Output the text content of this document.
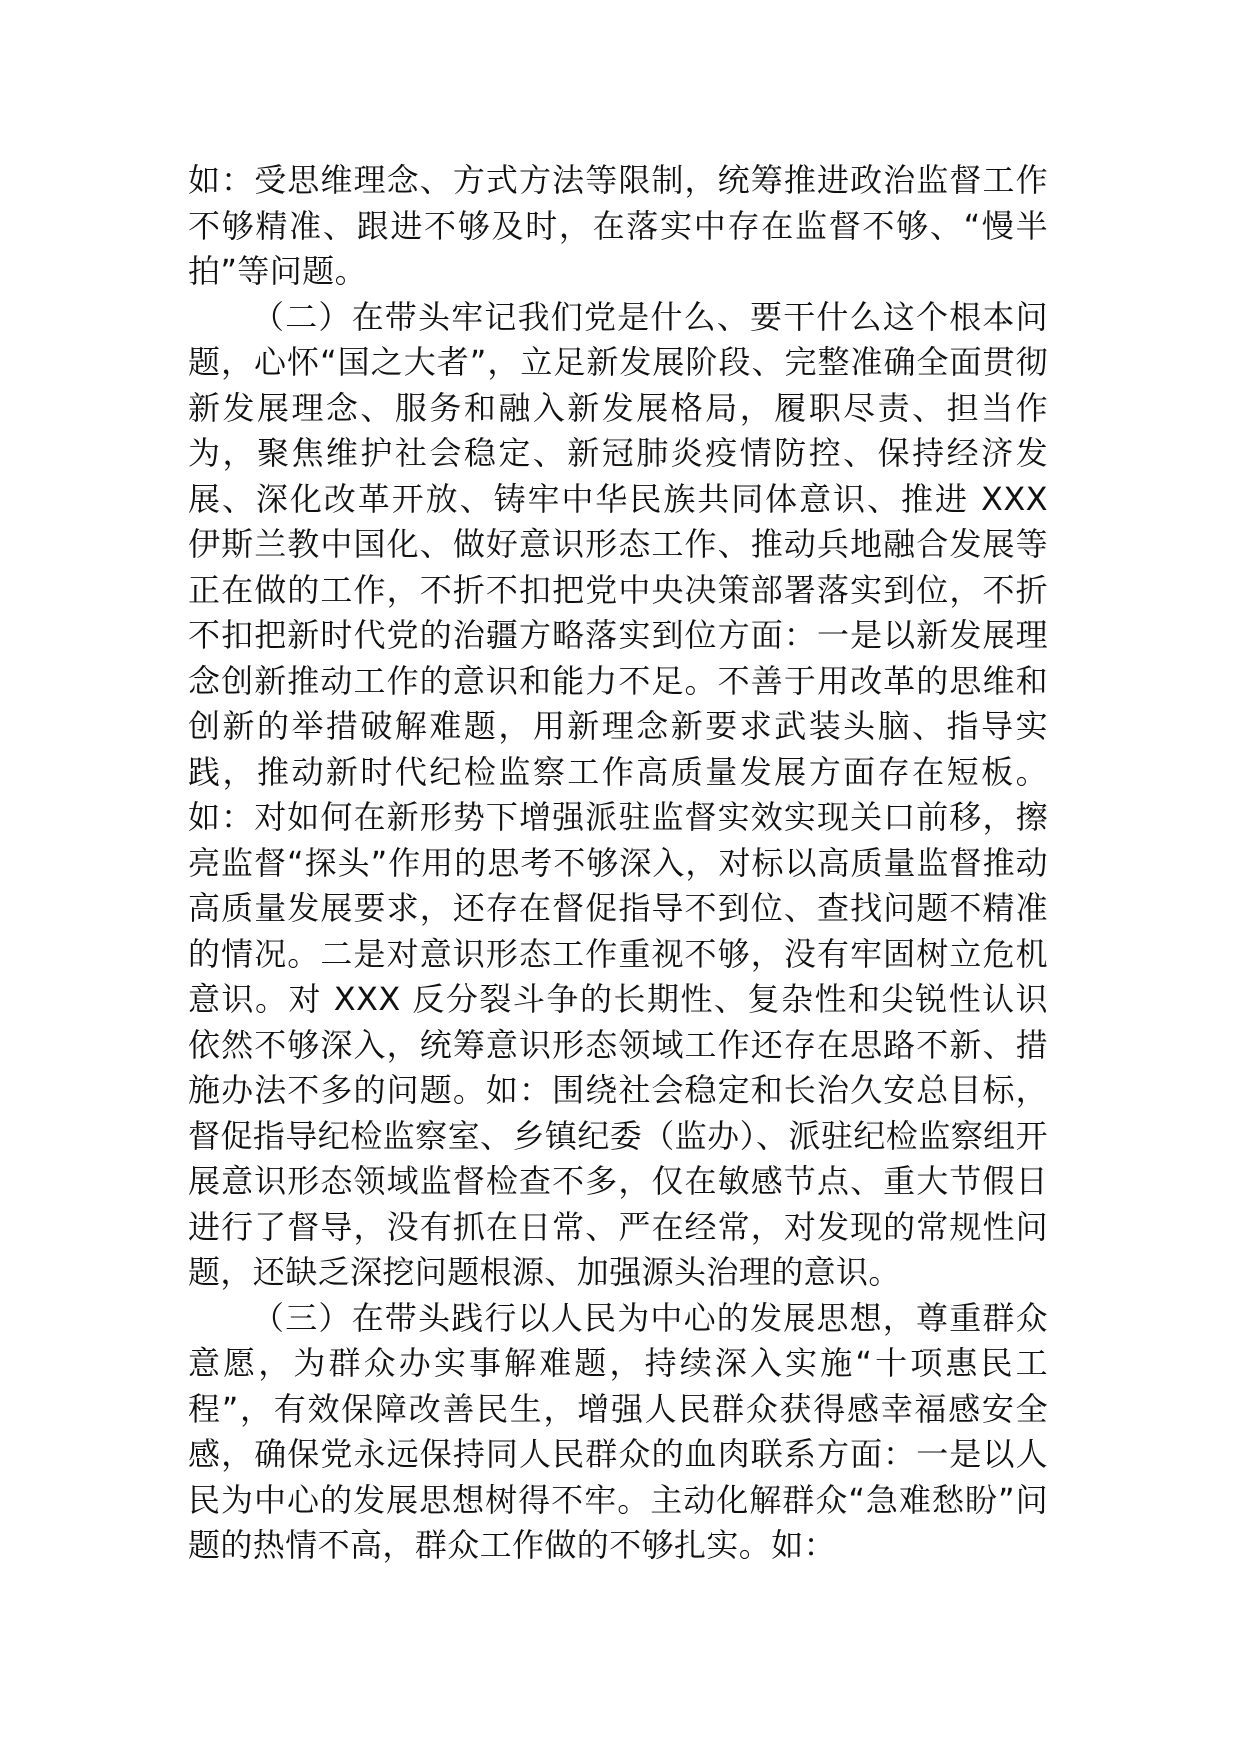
如：受思维理念、方式方法等限制，统筹推进政治监督工作不够精准、跟进不够及时，在落实中存在监督不够、“慢半拍”等问题。

（二）在带头牢记我们党是什么、要干什么这个根本问题，心怀“国之大者”，立足新发展阶段、完整准确全面贯彻新发展理念、服务和融入新发展格局，履职尽责、担当作为，聚焦维护社会稳定、新冠肺炎疫情防控、保持经济发展、深化改革开放、铸牢中华民族共同体意识、推进 XXX 伊斯兰教中国化、做好意识形态工作、推动兵地融合发展等正在做的工作，不折不扣把党中央决策部署落实到位，不折不扣把新时代党的治疆方略落实到位方面：一是以新发展理念创新推动工作的意识和能力不足。不善于用改革的思维和创新的举措破解难题，用新理念新要求武装头脑、指导实践，推动新时代纪检监察工作高质量发展方面存在短板。如：对如何在新形势下增强派驻监督实效实现关口前移，擦亮监督“探头”作用的思考不够深入，对标以高质量监督推动高质量发展要求，还存在督促指导不到位、查找问题不精准的情况。二是对意识形态工作重视不够，没有牢固树立危机意识。对 XXX 反分裂斗争的长期性、复杂性和尖锐性认识依然不够深入，统筹意识形态领域工作还存在思路不新、措施办法不多的问题。如：围绕社会稳定和长治久安总目标，督促指导纪检监察室、乡镇纪委（监办）、派驻纪检监察组开展意识形态领域监督检查不多，仅在敏感节点、重大节假日进行了督导，没有抓在日常、严在经常，对发现的常规性问题，还缺乏深挖问题根源、加强源头治理的意识。

（三）在带头践行以人民为中心的发展思想，尊重群众意愿，为群众办实事解难题，持续深入实施“十项惠民工程”，有效保障改善民生，增强人民群众获得感幸福感安全感，确保党永远保持同人民群众的血肉联系方面：一是以人民为中心的发展思想树得不牢。主动化解群众“急难愁盼”问题的热情不高，群众工作做的不够扎实。如：
